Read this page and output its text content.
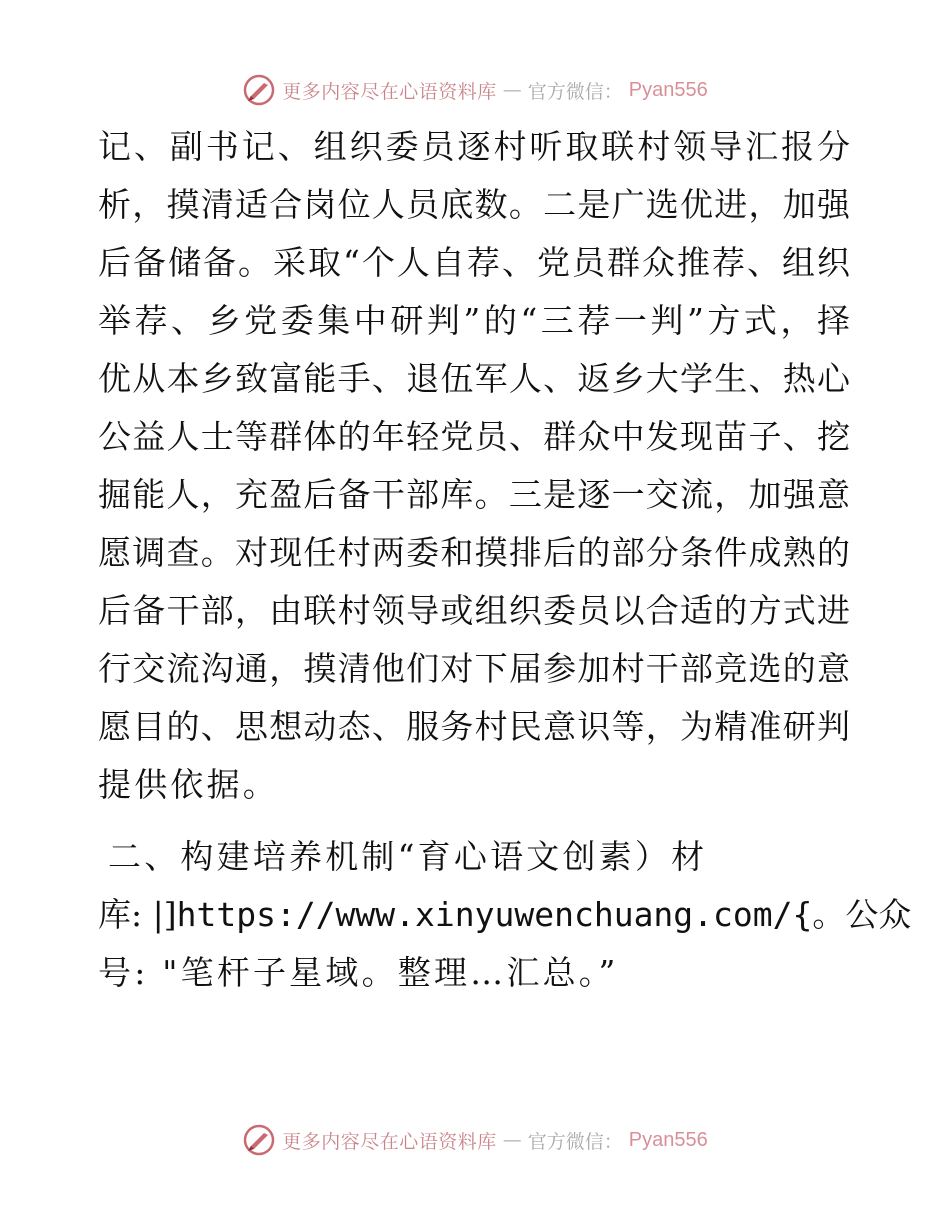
更多内容尽在心语资料库 — 官方微信： Pyan556
记、副书记、组织委员逐村听取联村领导汇报分
析，摸清适合岗位人员底数。二是广选优进，加强
后备储备。采取“个人自荐、党员群众推荐、组织
举荐、乡党委集中研判”的“三荐一判”方式，择
优从本乡致富能手、退伍军人、返乡大学生、热心
公益人士等群体的年轻党员、群众中发现苗子、挖
掘能人，充盈后备干部库。三是逐一交流，加强意
愿调查。对现任村两委和摸排后的部分条件成熟的
后备干部，由联村领导或组织委员以合适的方式进
行交流沟通，摸清他们对下届参加村干部竞选的意
愿目的、思想动态、服务村民意识等，为精准研判
提供依据。
二、构建培养机制“育心语文创素）材
库: |]https://www.xinyuwenchuang.com/{。公众
号: "笔杆子星域。整理…汇总。”
更多内容尽在心语资料库 — 官方微信： Pyan556
